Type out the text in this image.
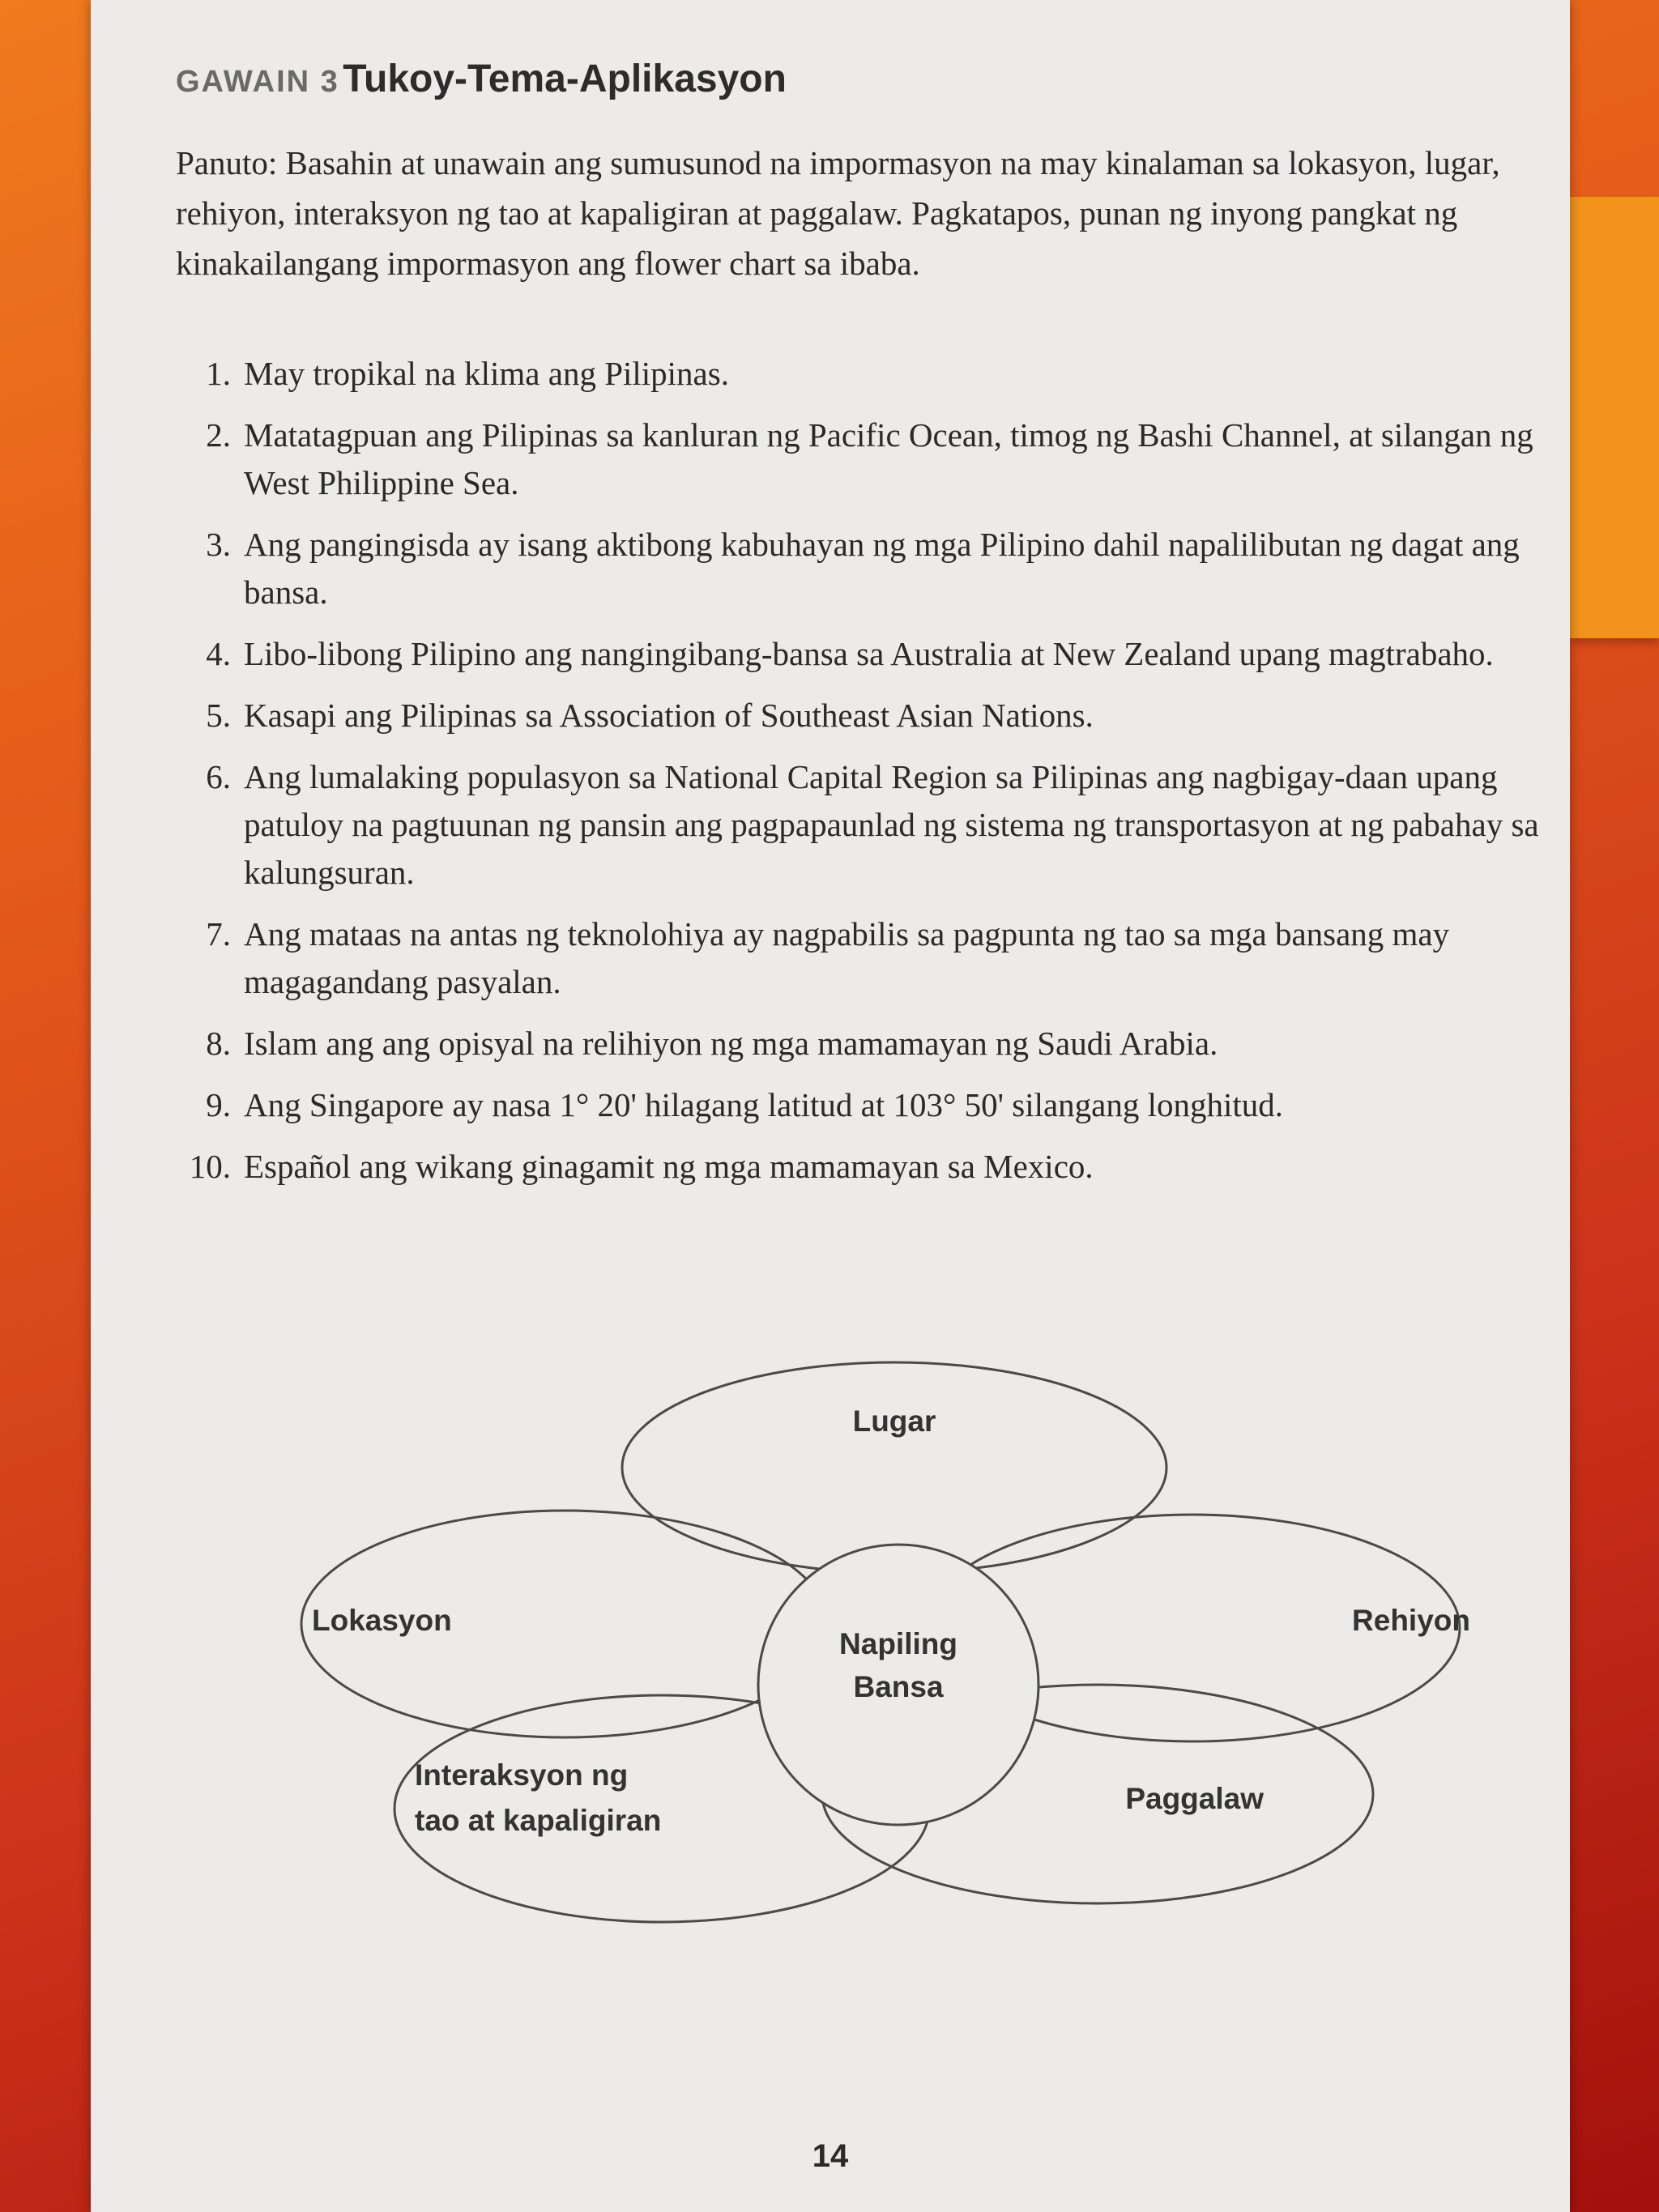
GAWAIN 3 Tukoy-Tema-Aplikasyon

Panuto: Basahin at unawain ang sumusunod na impormasyon na may kinalaman sa lokasyon, lugar, rehiyon, interaksyon ng tao at kapaligiran at paggalaw. Pagkatapos, punan ng inyong pangkat ng kinakailangang impormasyon ang flower chart sa ibaba.

1. May tropikal na klima ang Pilipinas.
2. Matatagpuan ang Pilipinas sa kanluran ng Pacific Ocean, timog ng Bashi Channel, at silangan ng West Philippine Sea.
3. Ang pangingisda ay isang aktibong kabuhayan ng mga Pilipino dahil napalilibutan ng dagat ang bansa.
4. Libo-libong Pilipino ang nangingibang-bansa sa Australia at New Zealand upang magtrabaho.
5. Kasapi ang Pilipinas sa Association of Southeast Asian Nations.
6. Ang lumalaking populasyon sa National Capital Region sa Pilipinas ang nagbigay-daan upang patuloy na pagtuunan ng pansin ang pagpapaunlad ng sistema ng transportasyon at ng pabahay sa kalungsuran.
7. Ang mataas na antas ng teknolohiya ay nagpabilis sa pagpunta ng tao sa mga bansang may magagandang pasyalan.
8. Islam ang ang opisyal na relihiyon ng mga mamamayan ng Saudi Arabia.
9. Ang Singapore ay nasa 1° 20' hilagang latitud at 103° 50' silangang longhitud.
10. Español ang wikang ginagamit ng mga mamamayan sa Mexico.
Lugar
Lokasyon	Rehiyon
Napiling
Bansa
Interaksyon ng
tao at kapaligiran
Paggalaw
14
